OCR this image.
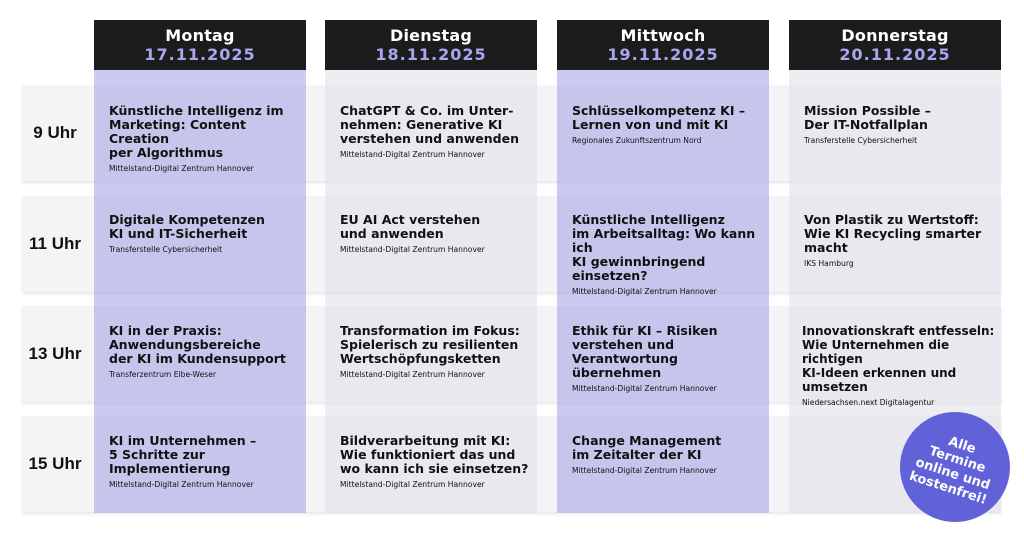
Montag
17.11.2025
Dienstag
18.11.2025
Mittwoch
19.11.2025
Donnerstag
20.11.2025
9 Uhr
11 Uhr
13 Uhr
15 Uhr
Künstliche Intelligenz im
Marketing: Content Creation
per Algorithmus
Mittelstand-Digital Zentrum Hannover
ChatGPT & Co. im Unter-
nehmen: Generative KI
verstehen und anwenden
Mittelstand-Digital Zentrum Hannover
Schlüsselkompetenz KI –
Lernen von und mit KI
Regionales Zukunftszentrum Nord
Mission Possible –
Der IT-Notfallplan
Transferstelle Cybersicherheit
Digitale Kompetenzen
KI und IT-Sicherheit
Transferstelle Cybersicherheit
EU AI Act verstehen
und anwenden
Mittelstand-Digital Zentrum Hannover
Künstliche Intelligenz
im Arbeitsalltag: Wo kann ich
KI gewinnbringend einsetzen?
Mittelstand-Digital Zentrum Hannover
Von Plastik zu Wertstoff:
Wie KI Recycling smarter
macht
IKS Hamburg
KI in der Praxis:
Anwendungsbereiche
der KI im Kundensupport
Transferzentrum Elbe-Weser
Transformation im Fokus:
Spielerisch zu resilienten
Wertschöpfungsketten
Mittelstand-Digital Zentrum Hannover
Ethik für KI – Risiken
verstehen und Verantwortung
übernehmen
Mittelstand-Digital Zentrum Hannover
Innovationskraft entfesseln:
Wie Unternehmen die richtigen
KI-Ideen erkennen und umsetzen
Niedersachsen.next Digitalagentur
KI im Unternehmen –
5 Schritte zur Implementierung
Mittelstand-Digital Zentrum Hannover
Bildverarbeitung mit KI:
Wie funktioniert das und
wo kann ich sie einsetzen?
Mittelstand-Digital Zentrum Hannover
Change Management
im Zeitalter der KI
Mittelstand-Digital Zentrum Hannover
Alle
Termine
online und
kostenfrei!
